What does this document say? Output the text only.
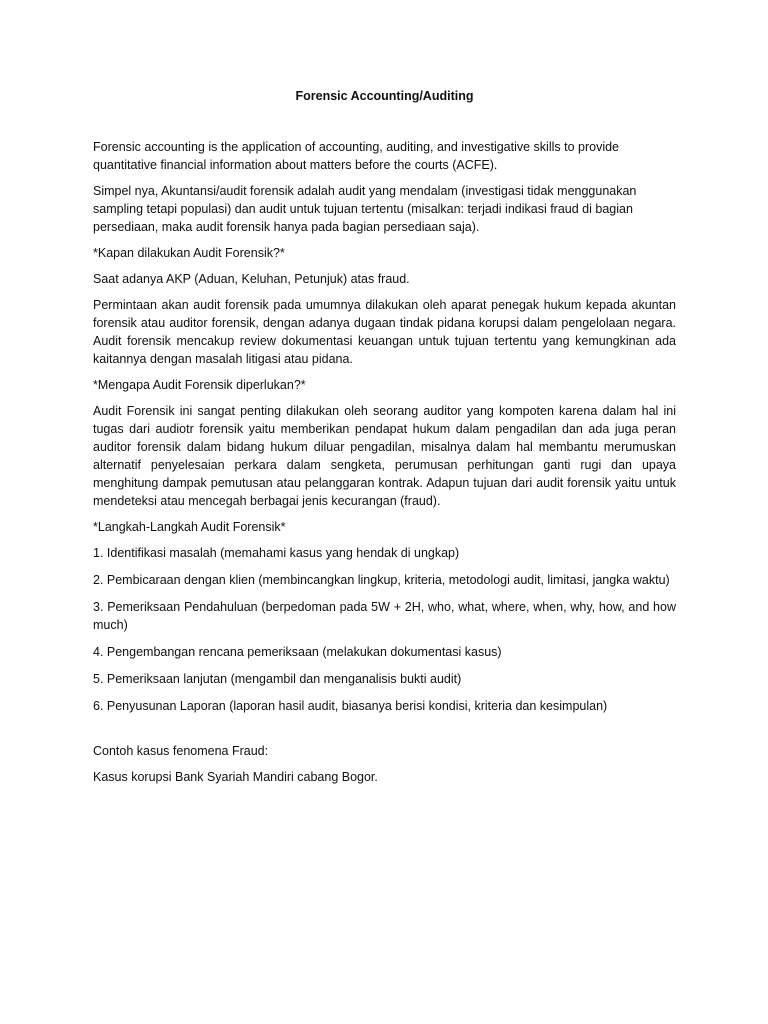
Forensic Accounting/Auditing

Forensic accounting is the application of accounting, auditing, and investigative skills to provide quantitative financial information about matters before the courts (ACFE).

Simpel nya, Akuntansi/audit forensik adalah audit yang mendalam (investigasi tidak menggunakan sampling tetapi populasi) dan audit untuk tujuan tertentu (misalkan: terjadi indikasi fraud di bagian persediaan, maka audit forensik hanya pada bagian persediaan saja).

*Kapan dilakukan Audit Forensik?*

Saat adanya AKP (Aduan, Keluhan, Petunjuk) atas fraud.

Permintaan akan audit forensik pada umumnya dilakukan oleh aparat penegak hukum kepada akuntan forensik atau auditor forensik, dengan adanya dugaan tindak pidana korupsi dalam pengelolaan negara. Audit forensik mencakup review dokumentasi keuangan untuk tujuan tertentu yang kemungkinan ada kaitannya dengan masalah litigasi atau pidana.

*Mengapa Audit Forensik diperlukan?*

Audit Forensik ini sangat penting dilakukan oleh seorang auditor yang kompoten karena dalam hal ini tugas dari audiotr forensik yaitu memberikan pendapat hukum dalam pengadilan dan ada juga peran auditor forensik dalam bidang hukum diluar pengadilan, misalnya dalam hal membantu merumuskan alternatif penyelesaian perkara dalam sengketa, perumusan perhitungan ganti rugi dan upaya menghitung dampak pemutusan atau pelanggaran kontrak. Adapun tujuan dari audit forensik yaitu untuk mendeteksi atau mencegah berbagai jenis kecurangan (fraud).

*Langkah-Langkah Audit Forensik*

1. Identifikasi masalah (memahami kasus yang hendak di ungkap)

2. Pembicaraan dengan klien (membincangkan lingkup, kriteria, metodologi audit, limitasi, jangka waktu)

3. Pemeriksaan Pendahuluan (berpedoman pada 5W + 2H, who, what, where, when, why, how, and how much)

4. Pengembangan rencana pemeriksaan (melakukan dokumentasi kasus)

5. Pemeriksaan lanjutan (mengambil dan menganalisis bukti audit)

6. Penyusunan Laporan (laporan hasil audit, biasanya berisi kondisi, kriteria dan kesimpulan)

Contoh kasus fenomena Fraud:

Kasus korupsi Bank Syariah Mandiri cabang Bogor.
